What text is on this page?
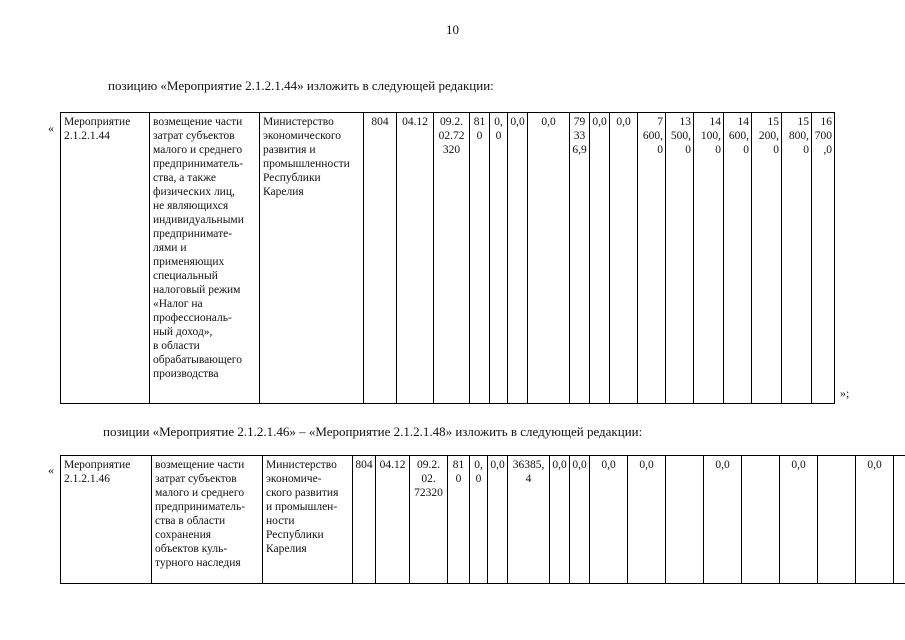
10
позицию «Мероприятие 2.1.2.1.44» изложить в следующей редакции:
« Мероприятие 2.1.2.1.44	возмещение части
затрат субъектов
малого и среднего
предприниматель-
ства, а также
физических лиц,
не являющихся
индивидуальными
предпринимате-
лями и
применяющих
специальный
налоговый режим
«Налог на
профессиональ-
ный доход»,
в области
обрабатывающего
производства	Министерство
экономического
развития и
промышленности
Республики
Карелия	804	04.12	09.2.
02.72
320	810	0,0	0,0	0,0	79
336,9	0,0	0,0	7
600,0	13
500,0	14
100,0	14
600,0	15
200,0	15
800,0	16
700,0
»;
позиции «Мероприятие 2.1.2.1.46» – «Мероприятие 2.1.2.1.48» изложить в следующей редакции:
« Мероприятие
2.1.2.1.46	возмещение части
затрат субъектов
малого и среднего
предприниматель-
ства в области
сохранения
объектов куль-
турного наследия	Министерство
экономиче-
ского развития
и промышлен-
ности
Республики
Карелия	804	04.12	09.2.
02.
72320	810	0,0	0,0	36385,4	0,0	0,0	0,0	0,0		0,0		0,0		0,0		
